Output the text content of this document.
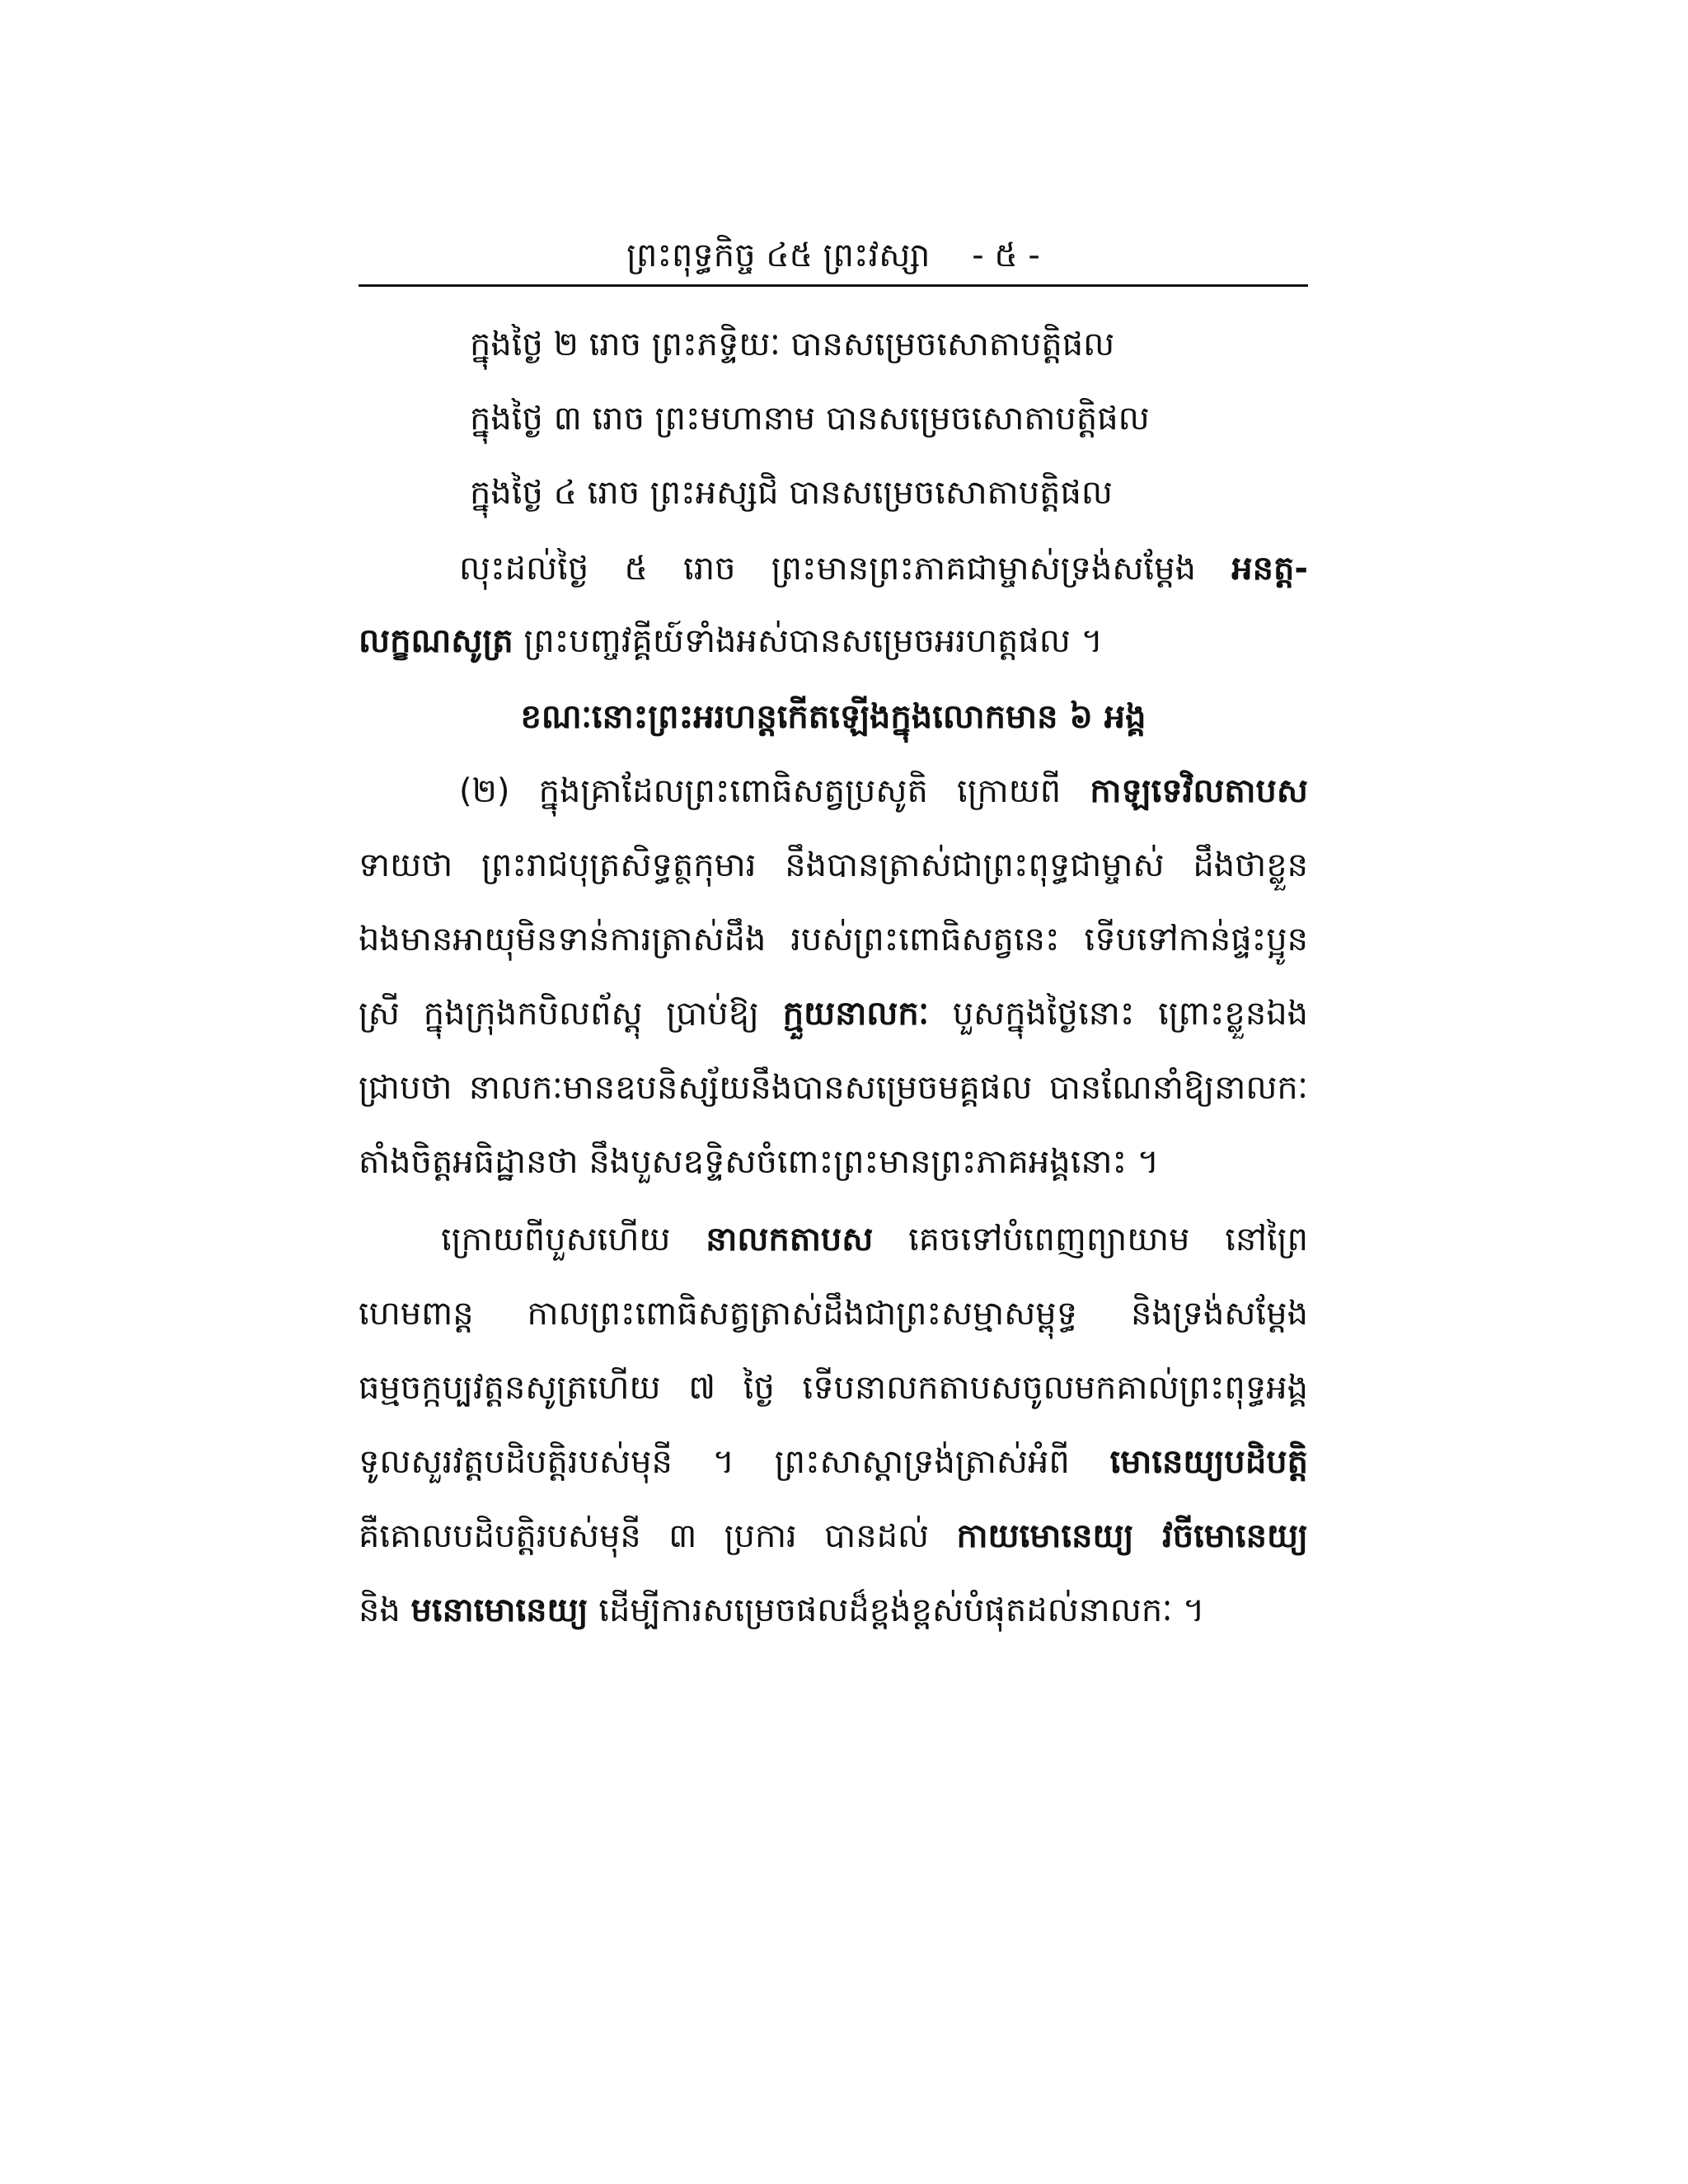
ព្រះពុទ្ធកិច្ច ៤៥ ព្រះវស្សា - ៥ -
ក្នុងថ្ងៃ ២ រោច ព្រះភទ្ទិយៈ បានសម្រេចសោតាបត្តិផល
ក្នុងថ្ងៃ ៣ រោច ព្រះមហានាម បានសម្រេចសោតាបត្តិផល
ក្នុងថ្ងៃ ៤ រោច ព្រះអស្សជិ បានសម្រេចសោតាបត្តិផល
លុះដល់ថ្ងៃ ៥ រោច ព្រះមានព្រះភាគជាម្ចាស់ទ្រង់សម្តែង អនត្ត-
លក្ខណសូត្រ ព្រះបញ្ចវគ្គីយ៍ទាំងអស់បានសម្រេចអរហត្តផល ។
ខណៈនោះព្រះអរហន្តកើតឡើងក្នុងលោកមាន ៦ អង្គ
(២) ក្នុងគ្រាដែលព្រះពោធិសត្វប្រសូតិ ក្រោយពី កាឡទេវិលតាបស
ទាយថា ព្រះរាជបុត្រសិទ្ធត្ថកុមារ នឹងបានត្រាស់ជាព្រះពុទ្ធជាម្ចាស់ ដឹងថាខ្លួន
ឯងមានអាយុមិនទាន់ការត្រាស់ដឹង របស់ព្រះពោធិសត្វនេះ ទើបទៅកាន់ផ្ទះប្អូន
ស្រី ក្នុងក្រុងកបិលព័ស្តុ ប្រាប់ឱ្យ ក្មួយនាលកៈ បួសក្នុងថ្ងៃនោះ ព្រោះខ្លួនឯង
ជ្រាបថា នាលកៈមានឧបនិស្ស័យនឹងបានសម្រេចមគ្គផល បានណែនាំឱ្យនាលកៈ
តាំងចិត្តអធិដ្ឋានថា នឹងបួសឧទ្ទិសចំពោះព្រះមានព្រះភាគអង្គនោះ ។
ក្រោយពីបួសហើយ នាលកតាបស គេចទៅបំពេញព្យាយាម នៅព្រៃ
ហេមពាន្ត កាលព្រះពោធិសត្វត្រាស់ដឹងជាព្រះសម្មាសម្ពុទ្ធ និងទ្រង់សម្តែង
ធម្មចក្កប្បវត្តនសូត្រហើយ ៧ ថ្ងៃ ទើបនាលកតាបសចូលមកគាល់ព្រះពុទ្ធអង្គ
ទូលសួរវត្តបដិបត្តិរបស់មុនី ។ ព្រះសាស្តាទ្រង់ត្រាស់អំពី មោនេយ្យបដិបត្តិ
គឺគោលបដិបត្តិរបស់មុនី ៣ ប្រការ បានដល់ កាយមោនេយ្យ វចីមោនេយ្យ
និង មនោមោនេយ្យ ដើម្បីការសម្រេចផលដ៏ខ្ពង់ខ្ពស់បំផុតដល់នាលកៈ ។
